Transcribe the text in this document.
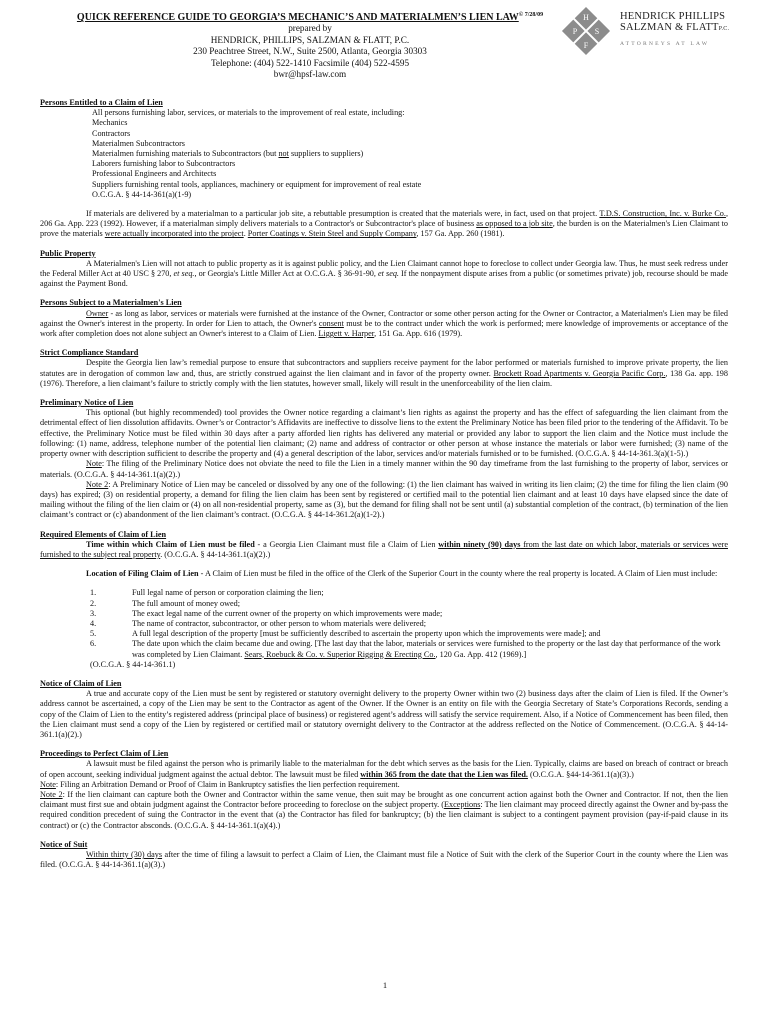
QUICK REFERENCE GUIDE TO GEORGIA’S MECHANIC’S AND MATERIALMEN’S LIEN $LAW^{© 7/28/09}$
prepared by
HENDRICK, PHILLIPS, SALZMAN & FLATT, P.C.
230 Peachtree Street, N.W., Suite 2500, Atlanta, Georgia 30303
Telephone: (404) 522-1410 Facsimile (404) 522-4595
bwr@hpsf-law.com
H
P S
F
HENDRICK PHILLIPS
SALZMAN & FLATTP.C.
ATTORNEYS AT LAW

Persons Entitled to a Claim of Lien

All persons furnishing labor, services, or materials to the improvement of real estate, including:

Mechanics

Contractors

Materialmen Subcontractors

Materialmen furnishing materials to Subcontractors (but not suppliers to suppliers)

Laborers furnishing labor to Subcontractors

Professional Engineers and Architects

Suppliers furnishing rental tools, appliances, machinery or equipment for improvement of real estate

O.C.G.A. § 44-14-361(a)(1-9)

If materials are delivered by a materialman to a particular job site, a rebuttable presumption is created that the materials were, in fact, used on that project. T.D.S. Construction, Inc. v. Burke Co., 206 Ga. App. 223 (1992). However, if a materialman simply delivers materials to a Contractor's or Subcontractor's place of business as opposed to a job site, the burden is on the Materialmen's Lien Claimant to prove the materials were actually incorporated into the project. Porter Coatings v. Stein Steel and Supply Company, 157 Ga. App. 260 (1981).

Public Property

A Materialmen's Lien will not attach to public property as it is against public policy, and the Lien Claimant cannot hope to foreclose to collect under Georgia law. Thus, he must seek redress under the Federal Miller Act at 40 USC § 270, et seq., or Georgia's Little Miller Act at O.C.G.A. § 36-91-90, et seq. If the nonpayment dispute arises from a public (or sometimes private) job, recourse should be made against the Payment Bond.

Persons Subject to a Materialmen's Lien

Owner - as long as labor, services or materials were furnished at the instance of the Owner, Contractor or some other person acting for the Owner or Contractor, a Materialmen's Lien may be filed against the Owner's interest in the property. In order for Lien to attach, the Owner's consent must be to the contract under which the work is performed; mere knowledge of improvements or acceptance of the work after completion does not alone subject an Owner's interest to a Claim of Lien. Liggett v. Harper, 151 Ga. App. 616 (1979).

Strict Compliance Standard

Despite the Georgia lien law’s remedial purpose to ensure that subcontractors and suppliers receive payment for the labor performed or materials furnished to improve private property, the lien statutes are in derogation of common law and, thus, are strictly construed against the lien claimant and in favor of the property owner. Brockett Road Apartments v. Georgia Pacific Corp., 138 Ga. app. 198 (1976). Therefore, a lien claimant’s failure to strictly comply with the lien statutes, however small, likely will result in the unenforceability of the lien claim.

Preliminary Notice of Lien

This optional (but highly recommended) tool provides the Owner notice regarding a claimant’s lien rights as against the property and has the effect of safeguarding the lien claimant from the detrimental effect of lien dissolution affidavits. Owner’s or Contractor’s Affidavits are ineffective to dissolve liens to the extent the Preliminary Notice has been filed prior to the tendering of the Affidavit. To be effective, the Preliminary Notice must be filed within 30 days after a party afforded lien rights has delivered any material or provided any labor to support the lien claim and the Notice must include the following: (1) name, address, telephone number of the potential lien claimant; (2) name and address of contractor or other person at whose instance the materials or labor were furnished; (3) name of the property owner with description sufficient to describe the property and (4) a general description of the labor, services and/or materials furnished or to be furnished. (O.C.G.A. § 44-14-361.3(a)(1-5).)

Note: The filing of the Preliminary Notice does not obviate the need to file the Lien in a timely manner within the 90 day timeframe from the last furnishing to the property of labor, services or materials. (O.C.G.A. § 44-14-361.1(a)(2).)

Note 2: A Preliminary Notice of Lien may be canceled or dissolved by any one of the following: (1) the lien claimant has waived in writing its lien claim; (2) the time for filing the lien claim (90 days) has expired; (3) on residential property, a demand for filing the lien claim has been sent by registered or certified mail to the potential lien claimant and at least 10 days have elapsed since the date of mailing without the filing of the lien claim or (4) on all non-residential property, same as (3), but the demand for filing shall not be sent until (a) substantial completion of the contract, (b) termination of the lien claimant’s contract or (c) abandonment of the lien claimant’s contract. (O.C.G.A. § 44-14-361.2(a)(1-2).)

Required Elements of Claim of Lien

Time within which Claim of Lien must be filed - a Georgia Lien Claimant must file a Claim of Lien within ninety (90) days from the last date on which labor, materials or services were furnished to the subject real property. (O.C.G.A. § 44-14-361.1(a)(2).)

Location of Filing Claim of Lien - A Claim of Lien must be filed in the office of the Clerk of the Superior Court in the county where the real property is located. A Claim of Lien must include:

1.	Full legal name of person or corporation claiming the lien;
2.	The full amount of money owed;
3.	The exact legal name of the current owner of the property on which improvements were made;
4.	The name of contractor, subcontractor, or other person to whom materials were delivered;
5.	A full legal description of the property [must be sufficiently described to ascertain the property upon which the improvements were made]; and
6.	The date upon which the claim became due and owing. [The last day that the labor, materials or services were furnished to the property or the last day that performance of the work was completed by Lien Claimant. Sears, Roebuck & Co. v. Superior Rigging & Erecting Co., 120 Ga. App. 412 (1969).]
(O.C.G.A. § 44-14-361.1)

Notice of Claim of Lien

A true and accurate copy of the Lien must be sent by registered or statutory overnight delivery to the property Owner within two (2) business days after the claim of Lien is filed. If the Owner’s address cannot be ascertained, a copy of the Lien may be sent to the Contractor as agent of the Owner. If the Owner is an entity on file with the Georgia Secretary of State’s Corporations Records, sending a copy of the Claim of Lien to the entity’s registered address (principal place of business) or registered agent’s address will satisfy the service requirement. Also, if a Notice of Commencement has been filed, then the Lien claimant must send a copy of the Lien by registered or certified mail or statutory overnight delivery to the Contractor at the address reflected on the Notice of Commencement. (O.C.G.A. § 44-14-361.1(a)(2).)

Proceedings to Perfect Claim of Lien

A lawsuit must be filed against the person who is primarily liable to the materialman for the debt which serves as the basis for the Lien. Typically, claims are based on breach of contract or breach of open account, seeking individual judgment against the actual debtor. The lawsuit must be filed within 365 from the date that the Lien was filed. (O.C.G.A. §44-14-361.1(a)(3).)

Note: Filing an Arbitration Demand or Proof of Claim in Bankruptcy satisfies the lien perfection requirement.

Note 2: If the lien claimant can capture both the Owner and Contractor within the same venue, then suit may be brought as one concurrent action against both the Owner and Contractor. If not, then the lien claimant must first sue and obtain judgment against the Contractor before proceeding to foreclose on the subject property. (Exceptions: The lien claimant may proceed directly against the Owner and by-pass the required condition precedent of suing the Contractor in the event that (a) the Contractor has filed for bankruptcy; (b) the lien claimant is subject to a contingent payment provision (pay-if-paid clause in its contract) or (c) the Contractor absconds. (O.C.G.A. § 44-14-361.1(a)(4).)

Notice of Suit

Within thirty (30) days after the time of filing a lawsuit to perfect a Claim of Lien, the Claimant must file a Notice of Suit with the clerk of the Superior Court in the county where the Lien was filed. (O.C.G.A. § 44-14-361.1(a)(3).)

1
